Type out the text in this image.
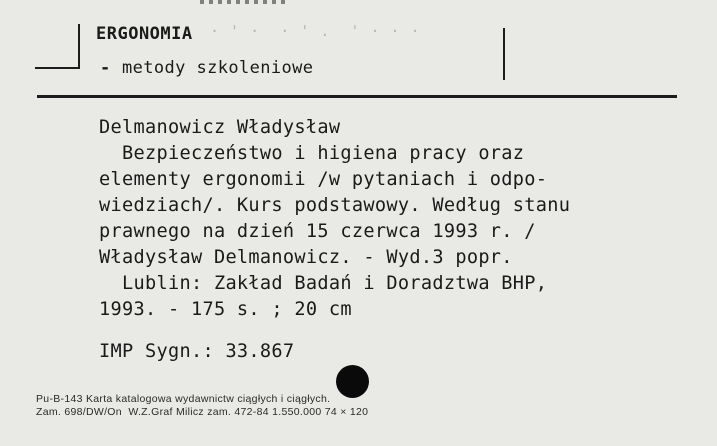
ERGONOMIA · ' ·  · ' .  ' · · ·
- metody szkoleniowe
Delmanowicz Władysław
Bezpieczeństwo i higiena pracy oraz
elementy ergonomii /w pytaniach i odpo-
wiedziach/. Kurs podstawowy. Według stanu
prawnego na dzień 15 czerwca 1993 r. /
Władysław Delmanowicz. - Wyd.3 popr.
Lublin: Zakład Badań i Doradztwa BHP,
1993. - 175 s. ; 20 cm
IMP Sygn.: 33.867
Pu-B-143 Karta katalogowa wydawnictw ciągłych i ciągłych.
Zam. 698/DW/On  W.Z.Graf Milicz zam. 472-84 1.550.000 74 × 120
